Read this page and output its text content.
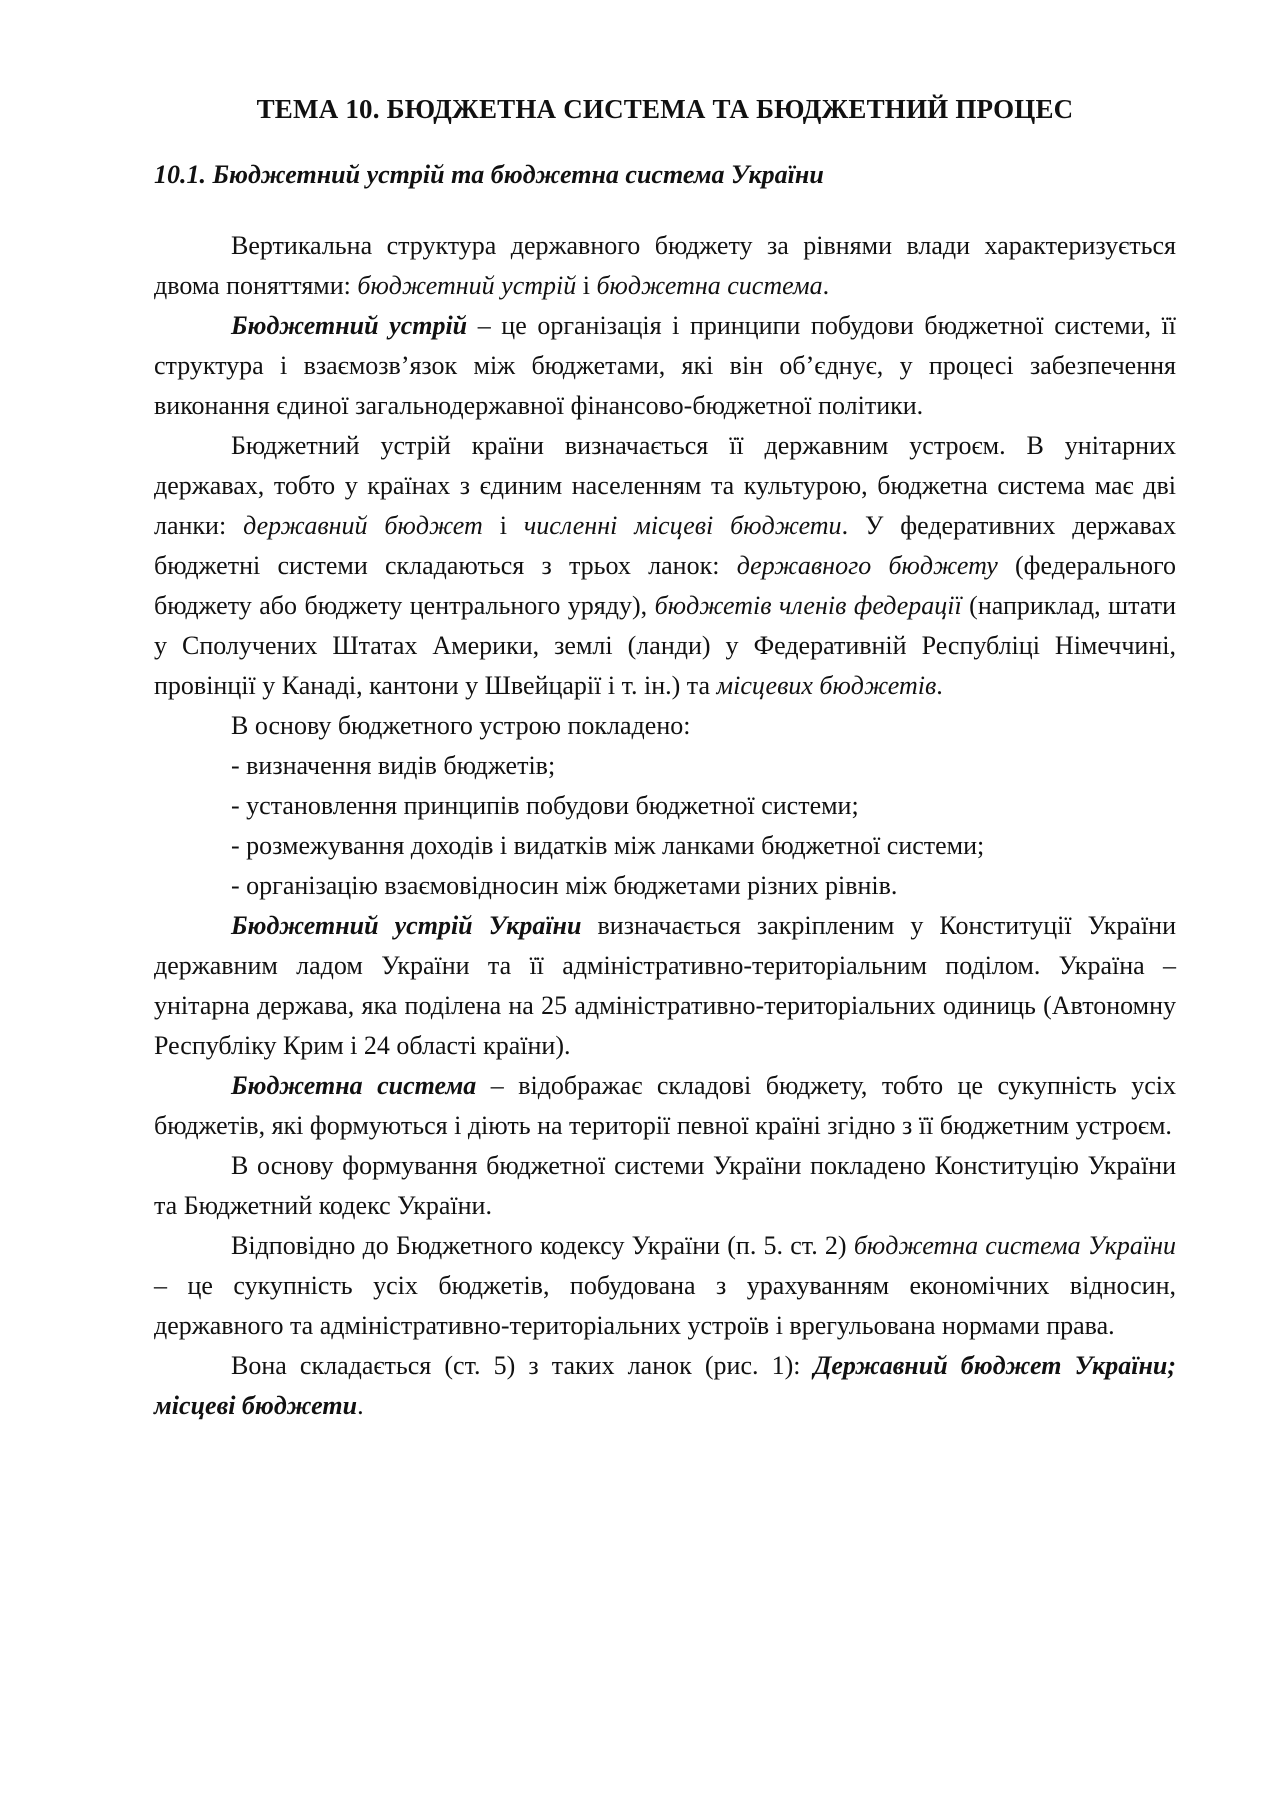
ТЕМА 10. БЮДЖЕТНА СИСТЕМА ТА БЮДЖЕТНИЙ ПРОЦЕС
10.1. Бюджетний устрій та бюджетна система України

Вертикальна структура державного бюджету за рівнями влади характеризується двома поняттями: бюджетний устрій і бюджетна система.

Бюджетний устрій – це організація і принципи побудови бюджетної системи, її структура і взаємозв’язок між бюджетами, які він об’єднує, у процесі забезпечення виконання єдиної загальнодержавної фінансово-бюджетної політики.

Бюджетний устрій країни визначається її державним устроєм. В унітарних державах, тобто у країнах з єдиним населенням та культурою, бюджетна система має дві ланки: державний бюджет і численні місцеві бюджети. У федеративних державах бюджетні системи складаються з трьох ланок: державного бюджету (федерального бюджету або бюджету центрального уряду), бюджетів членів федерації (наприклад, штати у Сполучених Штатах Америки, землі (ланди) у Федеративній Республіці Німеччині, провінції у Канаді, кантони у Швейцарії і т. ін.) та місцевих бюджетів.

В основу бюджетного устрою покладено:

- визначення видів бюджетів;

- установлення принципів побудови бюджетної системи;

- розмежування доходів і видатків між ланками бюджетної системи;

- організацію взаємовідносин між бюджетами різних рівнів.

Бюджетний устрій України визначається закріпленим у Конституції України державним ладом України та її адміністративно-територіальним поділом. Україна – унітарна держава, яка поділена на 25 адміністративно-територіальних одиниць (Автономну Республіку Крим і 24 області країни).

Бюджетна система – відображає складові бюджету, тобто це сукупність усіх бюджетів, які формуються і діють на території певної країні згідно з її бюджетним устроєм.

В основу формування бюджетної системи України покладено Конституцію України та Бюджетний кодекс України.

Відповідно до Бюджетного кодексу України (п. 5. ст. 2) бюджетна система України – це сукупність усіх бюджетів, побудована з урахуванням економічних відносин, державного та адміністративно-територіальних устроїв і врегульована нормами права.

Вона складається (ст. 5) з таких ланок (рис. 1): Державний бюджет України; місцеві бюджети.
